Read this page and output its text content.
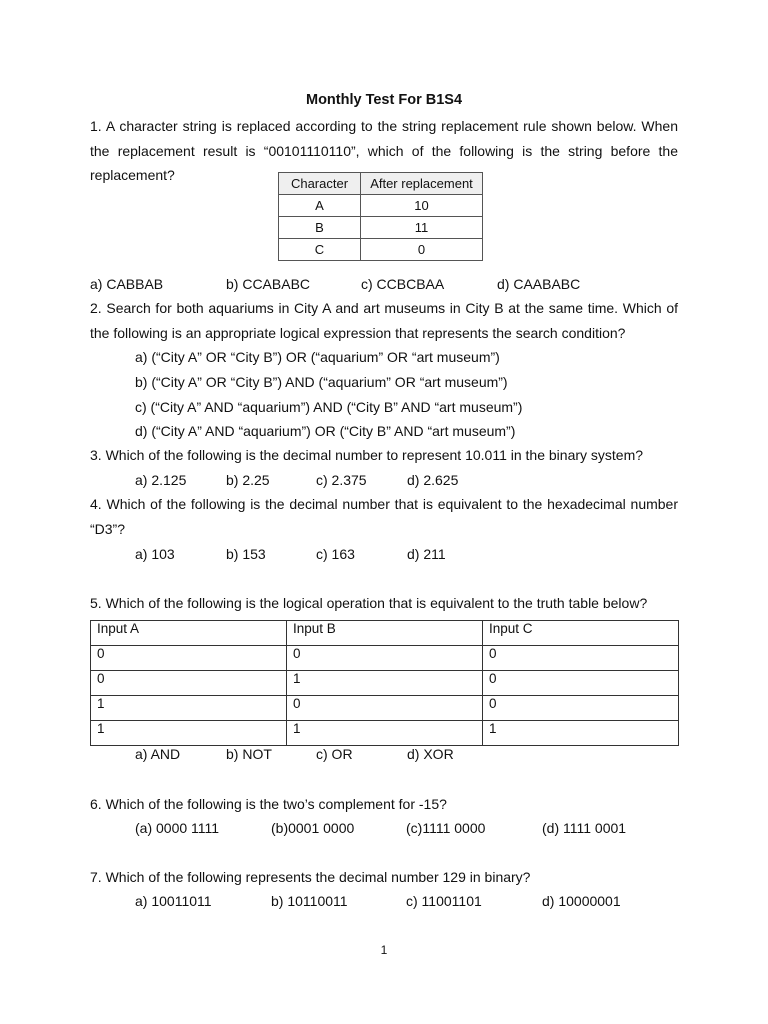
Monthly Test For B1S4
1. A character string is replaced according to the string replacement rule shown below. When the replacement result is “00101110110”, which of the following is the string before the replacement?
Character	After replacement
A	10
B	11
C	0
a) CABBAB	b) CCABABC	c) CCBCBAA	d) CAABABC
2. Search for both aquariums in City A and art museums in City B at the same time. Which of the following is an appropriate logical expression that represents the search condition?
a) (“City A” OR “City B”) OR (“aquarium” OR “art museum”)
b) (“City A” OR “City B”) AND (“aquarium” OR “art museum”)
c) (“City A” AND “aquarium”) AND (“City B” AND “art museum”)
d) (“City A” AND “aquarium”) OR (“City B” AND “art museum”)
3. Which of the following is the decimal number to represent 10.011 in the binary system?
a) 2.125	b) 2.25	c) 2.375	d) 2.625
4. Which of the following is the decimal number that is equivalent to the hexadecimal number “D3”?
a) 103	b) 153	c) 163	d) 211
5. Which of the following is the logical operation that is equivalent to the truth table below?
Input A	Input B	Input C
0	0	0
0	1	0
1	0	0
1	1	1
a) AND	b) NOT	c) OR	d) XOR
6. Which of the following is the two’s complement for -15?
(a) 0000 1111	(b)0001 0000	(c)1111 0000	(d) 1111 0001
7. Which of the following represents the decimal number 129 in binary?
a) 10011011	b) 10110011	c) 11001101	d) 10000001
1
